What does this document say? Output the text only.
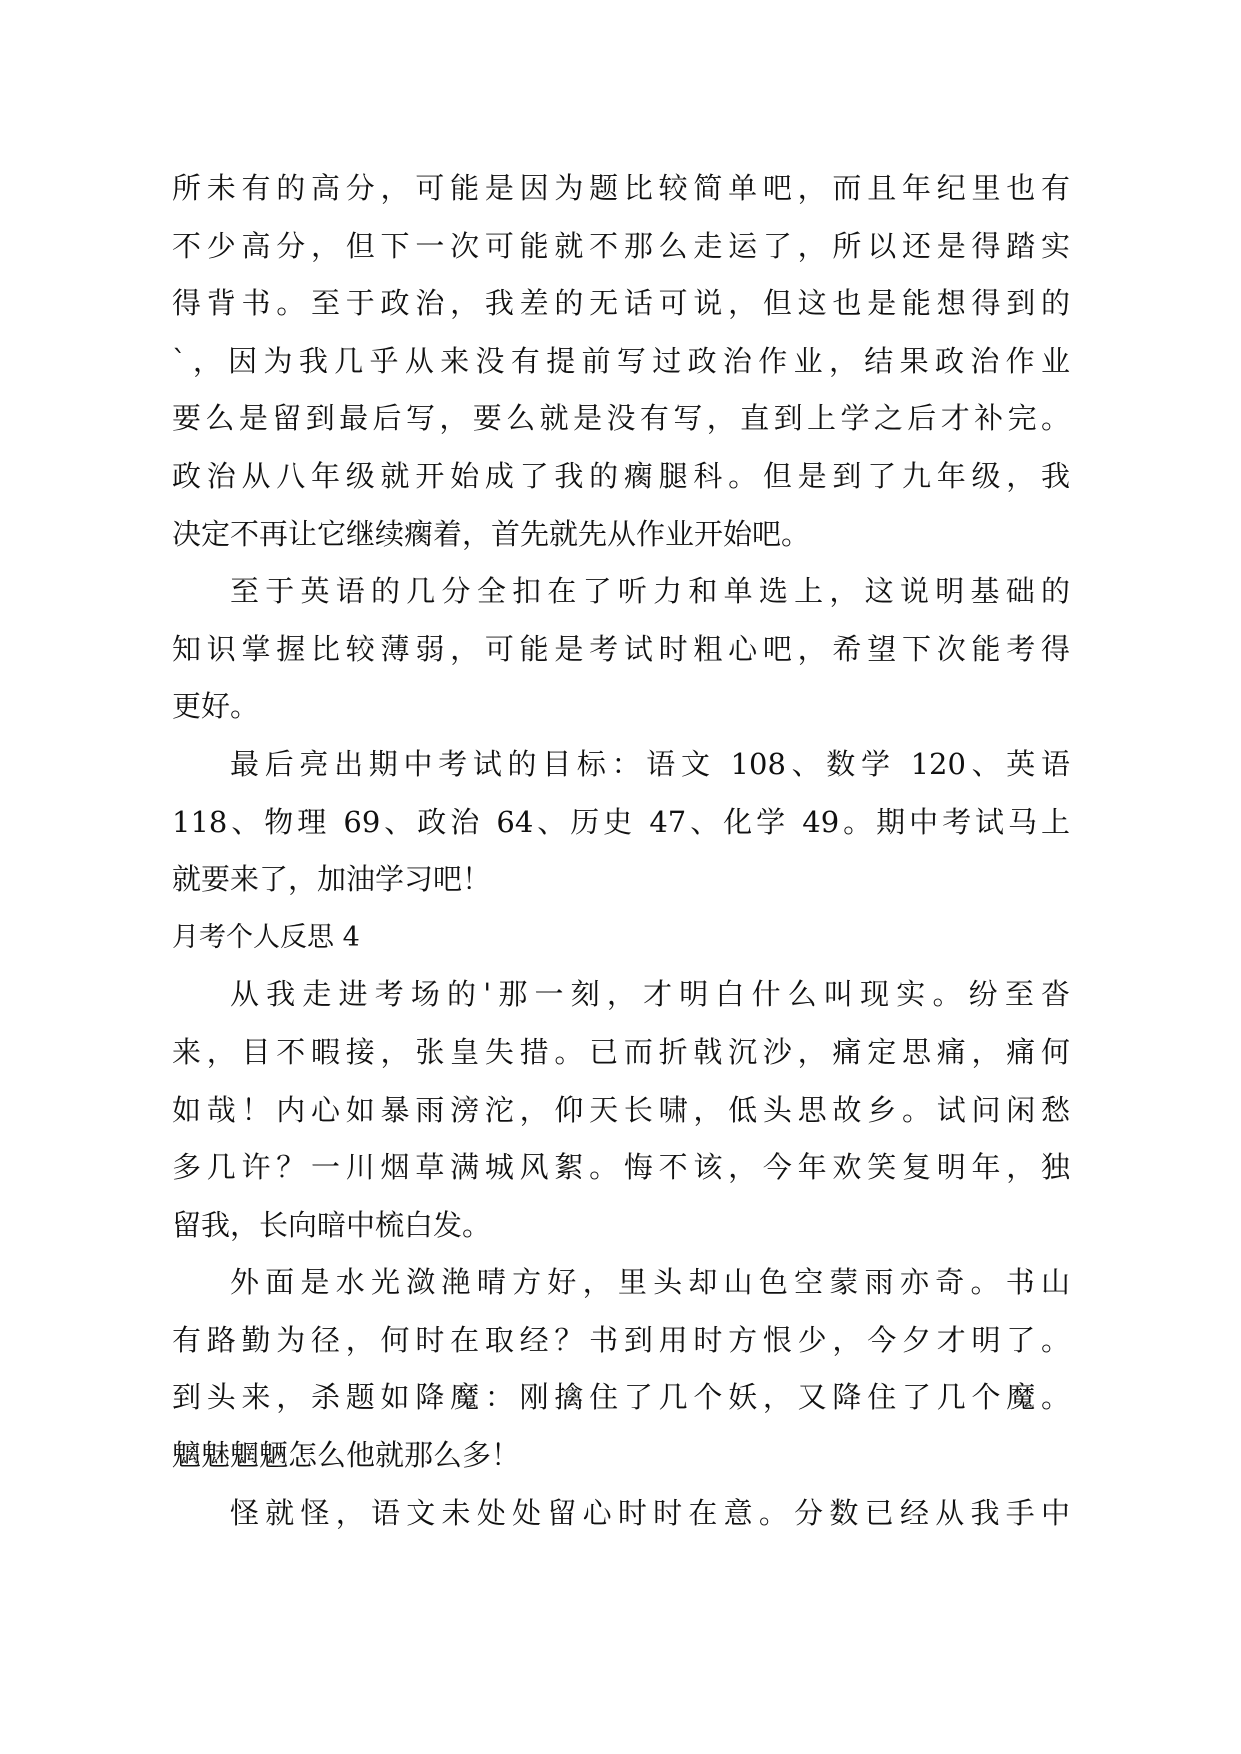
所未有的高分，可能是因为题比较简单吧，而且年纪里也有
不少高分，但下一次可能就不那么走运了，所以还是得踏实
得背书。至于政治，我差的无话可说，但这也是能想得到的
`，因为我几乎从来没有提前写过政治作业，结果政治作业
要么是留到最后写，要么就是没有写，直到上学之后才补完。
政治从八年级就开始成了我的瘸腿科。但是到了九年级，我
决定不再让它继续瘸着，首先就先从作业开始吧。
至于英语的几分全扣在了听力和单选上，这说明基础的
知识掌握比较薄弱，可能是考试时粗心吧，希望下次能考得
更好。
最后亮出期中考试的目标：语文 108、数学 120、英语
118、物理 69、政治 64、历史 47、化学 49。期中考试马上
就要来了，加油学习吧！
月考个人反思 4
从我走进考场的'那一刻，才明白什么叫现实。纷至沓
来，目不暇接，张皇失措。已而折戟沉沙，痛定思痛，痛何
如哉！内心如暴雨滂沱，仰天长啸，低头思故乡。试问闲愁
多几许？一川烟草满城风絮。悔不该，今年欢笑复明年，独
留我，长向暗中梳白发。
外面是水光潋滟晴方好，里头却山色空蒙雨亦奇。书山
有路勤为径，何时在取经？书到用时方恨少，今夕才明了。
到头来，杀题如降魔：刚擒住了几个妖，又降住了几个魔。
魑魅魍魉怎么他就那么多！
怪就怪，语文未处处留心时时在意。分数已经从我手中
